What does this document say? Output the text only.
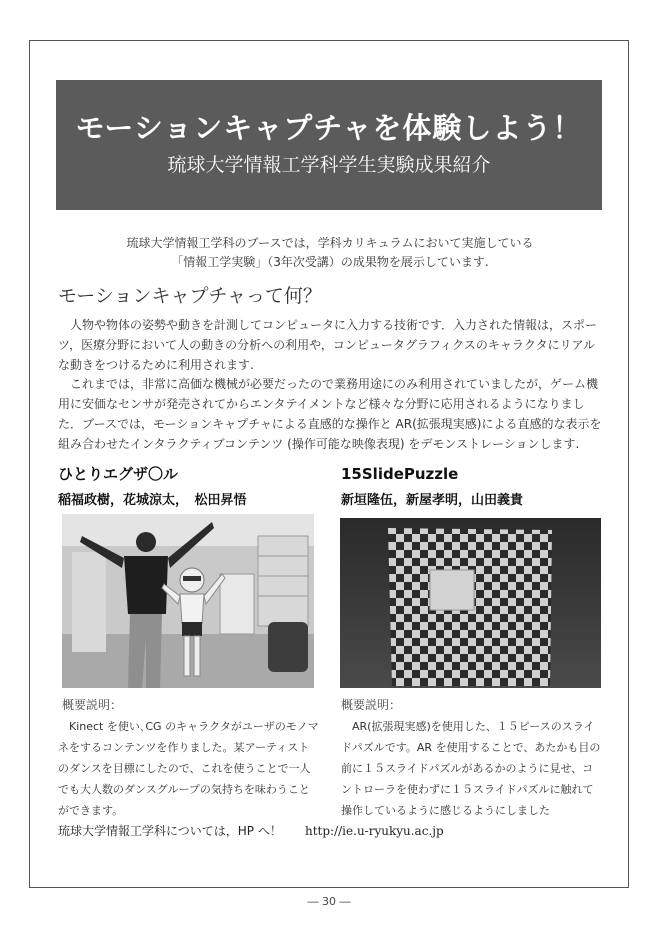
モーションキャプチャを体験しよう！
琉球大学情報工学科学生実験成果紹介
琉球大学情報工学科のブースでは，学科カリキュラムにおいて実施している
「情報工学実験」（3年次受講）の成果物を展示しています.
モーションキャプチャって何？

人物や物体の姿勢や動きを計測してコンピュータに入力する技術です．入力された情報は，スポーツ，医療分野において人の動きの分析への利用や，コンピュータグラフィクスのキャラクタにリアルな動きをつけるために利用されます.

これまでは，非常に高価な機械が必要だったので業務用途にのみ利用されていましたが，ゲーム機用に安価なセンサが発売されてからエンタテイメントなど様々な分野に応用されるようになりました．ブースでは，モーションキャプチャによる直感的な操作と AR(拡張現実感)による直感的な表示を組み合わせたインタラクティブコンテンツ (操作可能な映像表現) をデモンストレーションします.

ひとりエグザ〇ル
稲福政樹，花城涼太，　松田昇悟
概要説明：
Kinect を使い､CG のキャラクタがユーザのモノマネをするコンテンツを作りました。某アーティストのダンスを目標にしたので、これを使うことで一人でも大人数のダンスグループの気持ちを味わうことができます。
15SlidePuzzle
新垣隆伍，新屋孝明，山田義貴
概要説明：
AR(拡張現実感)を使用した、１５ピースのスライドパズルです。AR を使用することで、あたかも目の前に１５スライドパズルがあるかのように見せ、コントローラを使わずに１５スライドパズルに触れて操作しているように感じるようにしました
琉球大学情報工学科については，HP へ！ http://ie.u-ryukyu.ac.jp
― 30 ―
